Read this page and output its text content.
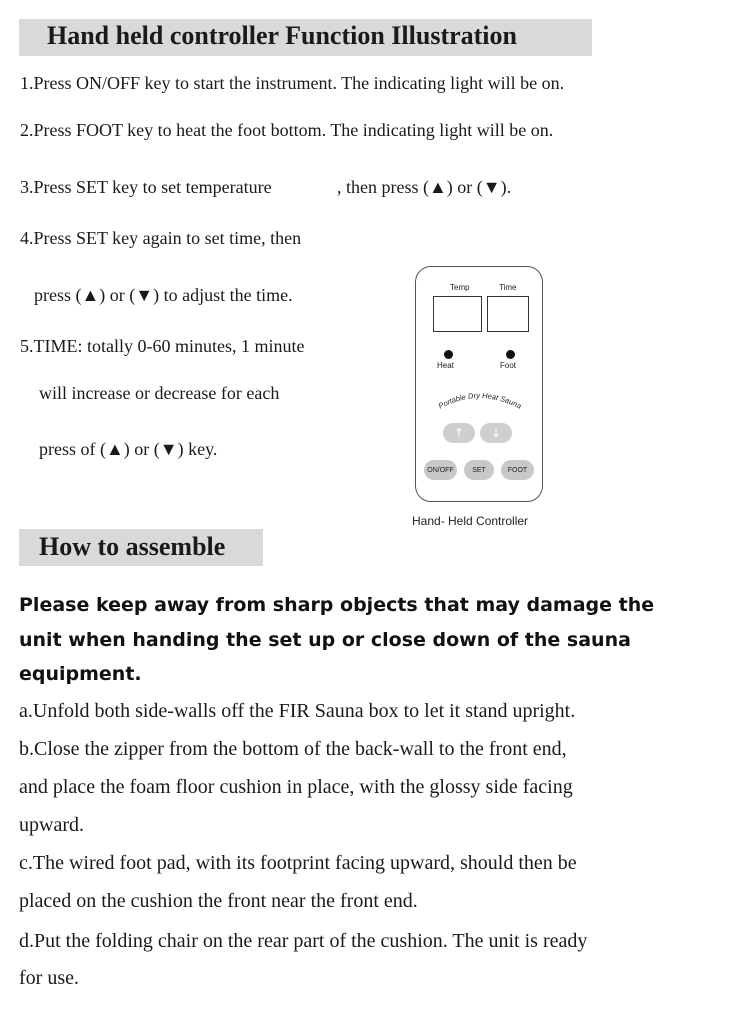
Hand held controller Function Illustration
1.Press ON/OFF key to start the instrument. The indicating light will be on.
2.Press FOOT key to heat the foot bottom. The indicating light will be on.
3.Press SET key to set temperature	, then press (▲) or (▼).
4.Press SET key again to set time, then
press (▲) or (▼) to adjust the time.
5.TIME: totally 0-60 minutes, 1 minute
will increase or decrease for each
press of (▲) or (▼) key.
Temp	Time
Heat	Foot
Portable Dry Heat Sauna
↑ ↓
ON/OFF	SET	FOOT
Hand- Held Controller
How to assemble
Please keep away from sharp objects that may damage the
unit when handing the set up or close down of the sauna
equipment.
a.Unfold both side-walls off the FIR Sauna box to let it stand upright.
b.Close the zipper from the bottom of the back-wall to the front end,
and place the foam floor cushion in place, with the glossy side facing
upward.
c.The wired foot pad, with its footprint facing upward, should then be
placed on the cushion the front near the front end.
d.Put the folding chair on the rear part of the cushion. The unit is ready
for use.
